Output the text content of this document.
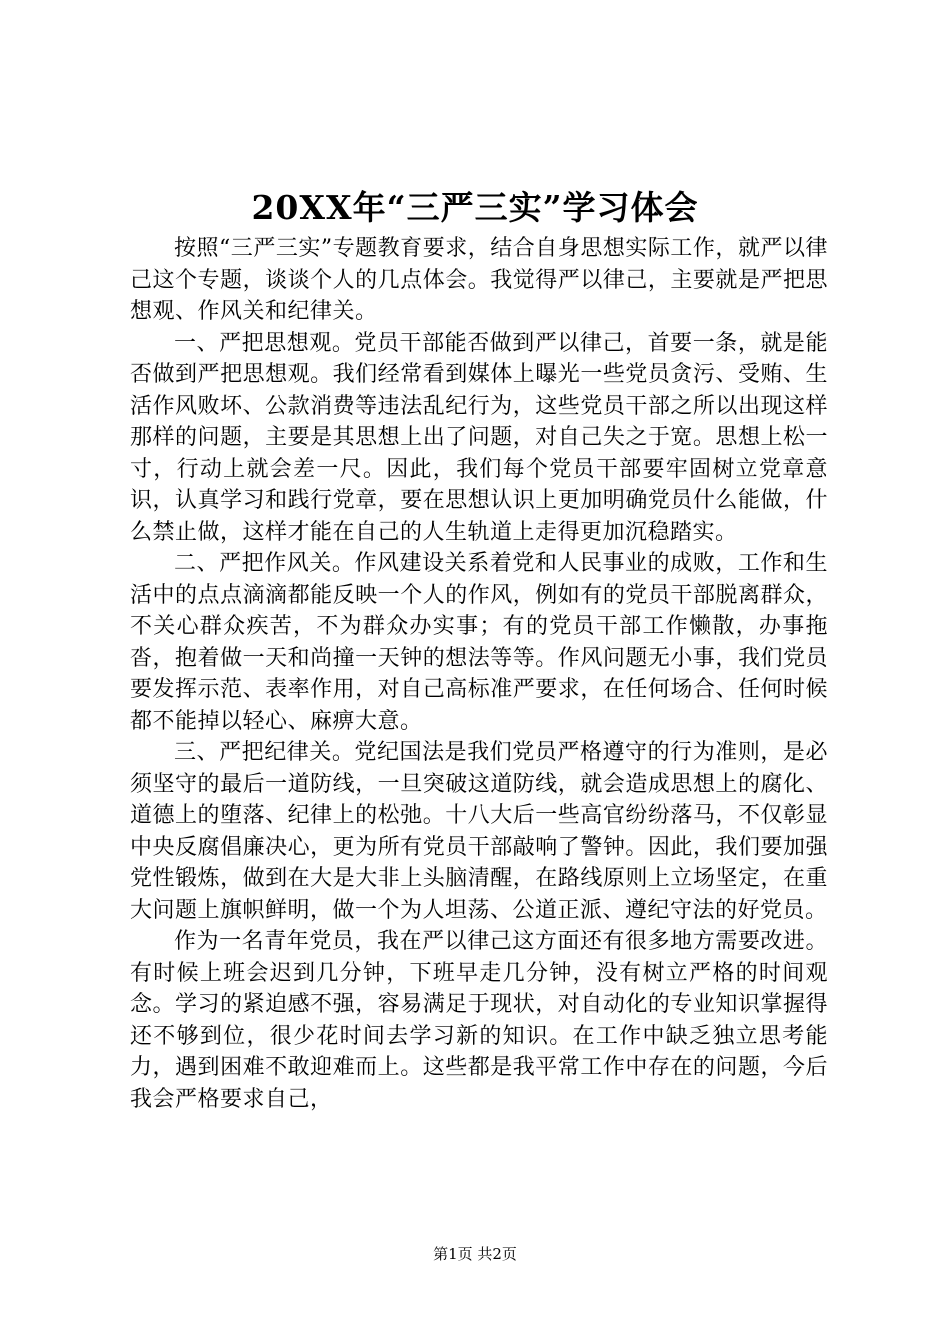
20XX年“三严三实”学习体会

按照“三严三实”专题教育要求，结合自身思想实际工作，就严以律己这个专题，谈谈个人的几点体会。我觉得严以律己，主要就是严把思想观、作风关和纪律关。

一、严把思想观。党员干部能否做到严以律己，首要一条，就是能否做到严把思想观。我们经常看到媒体上曝光一些党员贪污、受贿、生活作风败坏、公款消费等违法乱纪行为，这些党员干部之所以出现这样那样的问题，主要是其思想上出了问题，对自己失之于宽。思想上松一寸，行动上就会差一尺。因此，我们每个党员干部要牢固树立党章意识，认真学习和践行党章，要在思想认识上更加明确党员什么能做，什么禁止做，这样才能在自己的人生轨道上走得更加沉稳踏实。

二、严把作风关。作风建设关系着党和人民事业的成败，工作和生活中的点点滴滴都能反映一个人的作风，例如有的党员干部脱离群众，不关心群众疾苦，不为群众办实事；有的党员干部工作懒散，办事拖沓，抱着做一天和尚撞一天钟的想法等等。作风问题无小事，我们党员要发挥示范、表率作用，对自己高标准严要求，在任何场合、任何时候都不能掉以轻心、麻痹大意。

三、严把纪律关。党纪国法是我们党员严格遵守的行为准则，是必须坚守的最后一道防线，一旦突破这道防线，就会造成思想上的腐化、道德上的堕落、纪律上的松弛。十八大后一些高官纷纷落马，不仅彰显中央反腐倡廉决心，更为所有党员干部敲响了警钟。因此，我们要加强党性锻炼，做到在大是大非上头脑清醒，在路线原则上立场坚定，在重大问题上旗帜鲜明，做一个为人坦荡、公道正派、遵纪守法的好党员。

作为一名青年党员，我在严以律己这方面还有很多地方需要改进。有时候上班会迟到几分钟，下班早走几分钟，没有树立严格的时间观念。学习的紧迫感不强，容易满足于现状，对自动化的专业知识掌握得还不够到位，很少花时间去学习新的知识。在工作中缺乏独立思考能力，遇到困难不敢迎难而上。这些都是我平常工作中存在的问题，今后我会严格要求自己，

第1页 共2页
